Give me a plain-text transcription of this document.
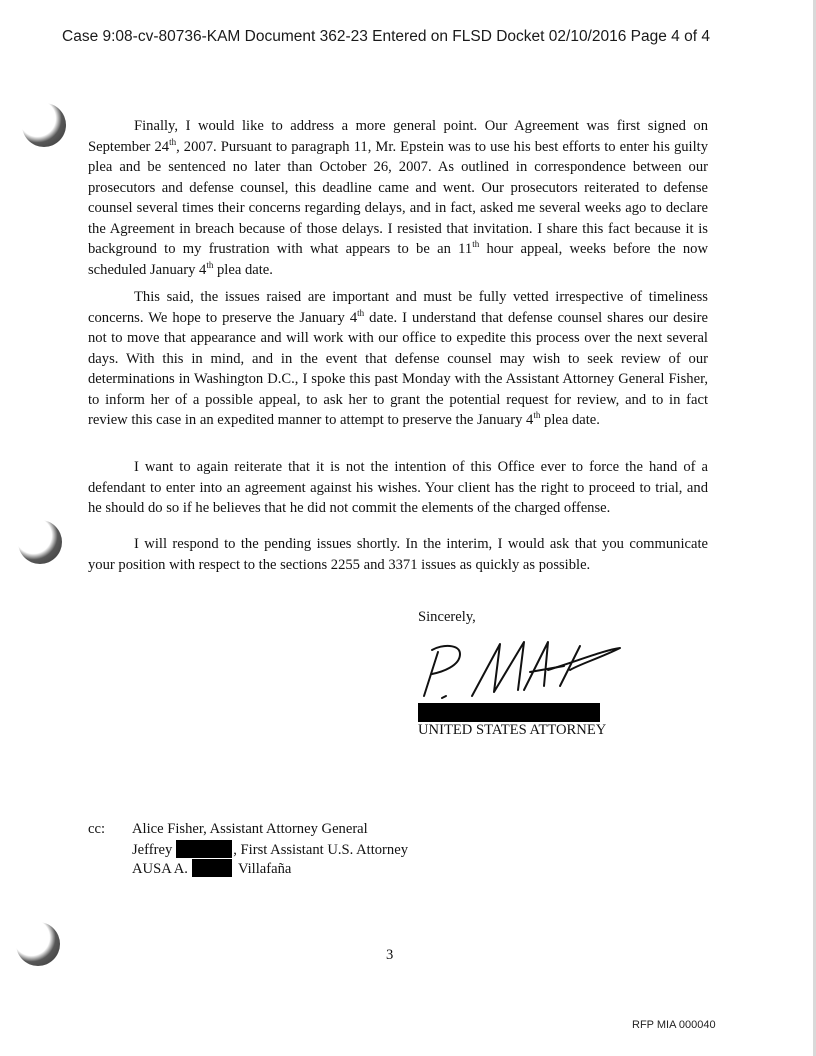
Case 9:08-cv-80736-KAM Document 362-23 Entered on FLSD Docket 02/10/2016 Page 4 of 4

Finally, I would like to address a more general point. Our Agreement was first signed on September 24th, 2007. Pursuant to paragraph 11, Mr. Epstein was to use his best efforts to enter his guilty plea and be sentenced no later than October 26, 2007. As outlined in correspondence between our prosecutors and defense counsel, this deadline came and went. Our prosecutors reiterated to defense counsel several times their concerns regarding delays, and in fact, asked me several weeks ago to declare the Agreement in breach because of those delays. I resisted that invitation. I share this fact because it is background to my frustration with what appears to be an 11th hour appeal, weeks before the now scheduled January 4th plea date.

This said, the issues raised are important and must be fully vetted irrespective of timeliness concerns. We hope to preserve the January 4th date. I understand that defense counsel shares our desire not to move that appearance and will work with our office to expedite this process over the next several days. With this in mind, and in the event that defense counsel may wish to seek review of our determinations in Washington D.C., I spoke this past Monday with the Assistant Attorney General Fisher, to inform her of a possible appeal, to ask her to grant the potential request for review, and to in fact review this case in an expedited manner to attempt to preserve the January 4th plea date.

I want to again reiterate that it is not the intention of this Office ever to force the hand of a defendant to enter into an agreement against his wishes. Your client has the right to proceed to trial, and he should do so if he believes that he did not commit the elements of the charged offense.

I will respond to the pending issues shortly. In the interim, I would ask that you communicate your position with respect to the sections 2255 and 3371 issues as quickly as possible.

Sincerely,
UNITED STATES ATTORNEY
cc: Alice Fisher, Assistant Attorney General
Jeffrey	, First Assistant U.S. Attorney
AUSA A.	Villafaña
3
RFP MIA 000040
